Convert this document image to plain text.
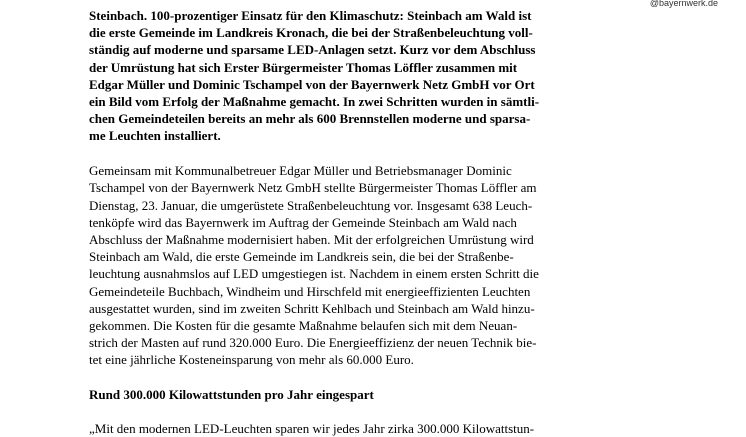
@bayernwerk.de
Steinbach. 100-prozentiger Einsatz für den Klimaschutz: Steinbach am Wald ist
die erste Gemeinde im Landkreis Kronach, die bei der Straßenbeleuchtung voll-
ständig auf moderne und sparsame LED-Anlagen setzt. Kurz vor dem Abschluss
der Umrüstung hat sich Erster Bürgermeister Thomas Löffler zusammen mit
Edgar Müller und Dominic Tschampel von der Bayernwerk Netz GmbH vor Ort
ein Bild vom Erfolg der Maßnahme gemacht. In zwei Schritten wurden in sämtli-
chen Gemeindeteilen bereits an mehr als 600 Brennstellen moderne und sparsa-
me Leuchten installiert.
Gemeinsam mit Kommunalbetreuer Edgar Müller und Betriebsmanager Dominic
Tschampel von der Bayernwerk Netz GmbH stellte Bürgermeister Thomas Löffler am
Dienstag, 23. Januar, die umgerüstete Straßenbeleuchtung vor. Insgesamt 638 Leuch-
tenköpfe wird das Bayernwerk im Auftrag der Gemeinde Steinbach am Wald nach
Abschluss der Maßnahme modernisiert haben. Mit der erfolgreichen Umrüstung wird
Steinbach am Wald, die erste Gemeinde im Landkreis sein, die bei der Straßenbe-
leuchtung ausnahmslos auf LED umgestiegen ist. Nachdem in einem ersten Schritt die
Gemeindeteile Buchbach, Windheim und Hirschfeld mit energieeffizienten Leuchten
ausgestattet wurden, sind im zweiten Schritt Kehlbach und Steinbach am Wald hinzu-
gekommen. Die Kosten für die gesamte Maßnahme belaufen sich mit dem Neuan-
strich der Masten auf rund 320.000 Euro. Die Energieeffizienz der neuen Technik bie-
tet eine jährliche Kosteneinsparung von mehr als 60.000 Euro.
Rund 300.000 Kilowattstunden pro Jahr eingespart
„Mit den modernen LED-Leuchten sparen wir jedes Jahr zirka 300.000 Kilowattstun-
